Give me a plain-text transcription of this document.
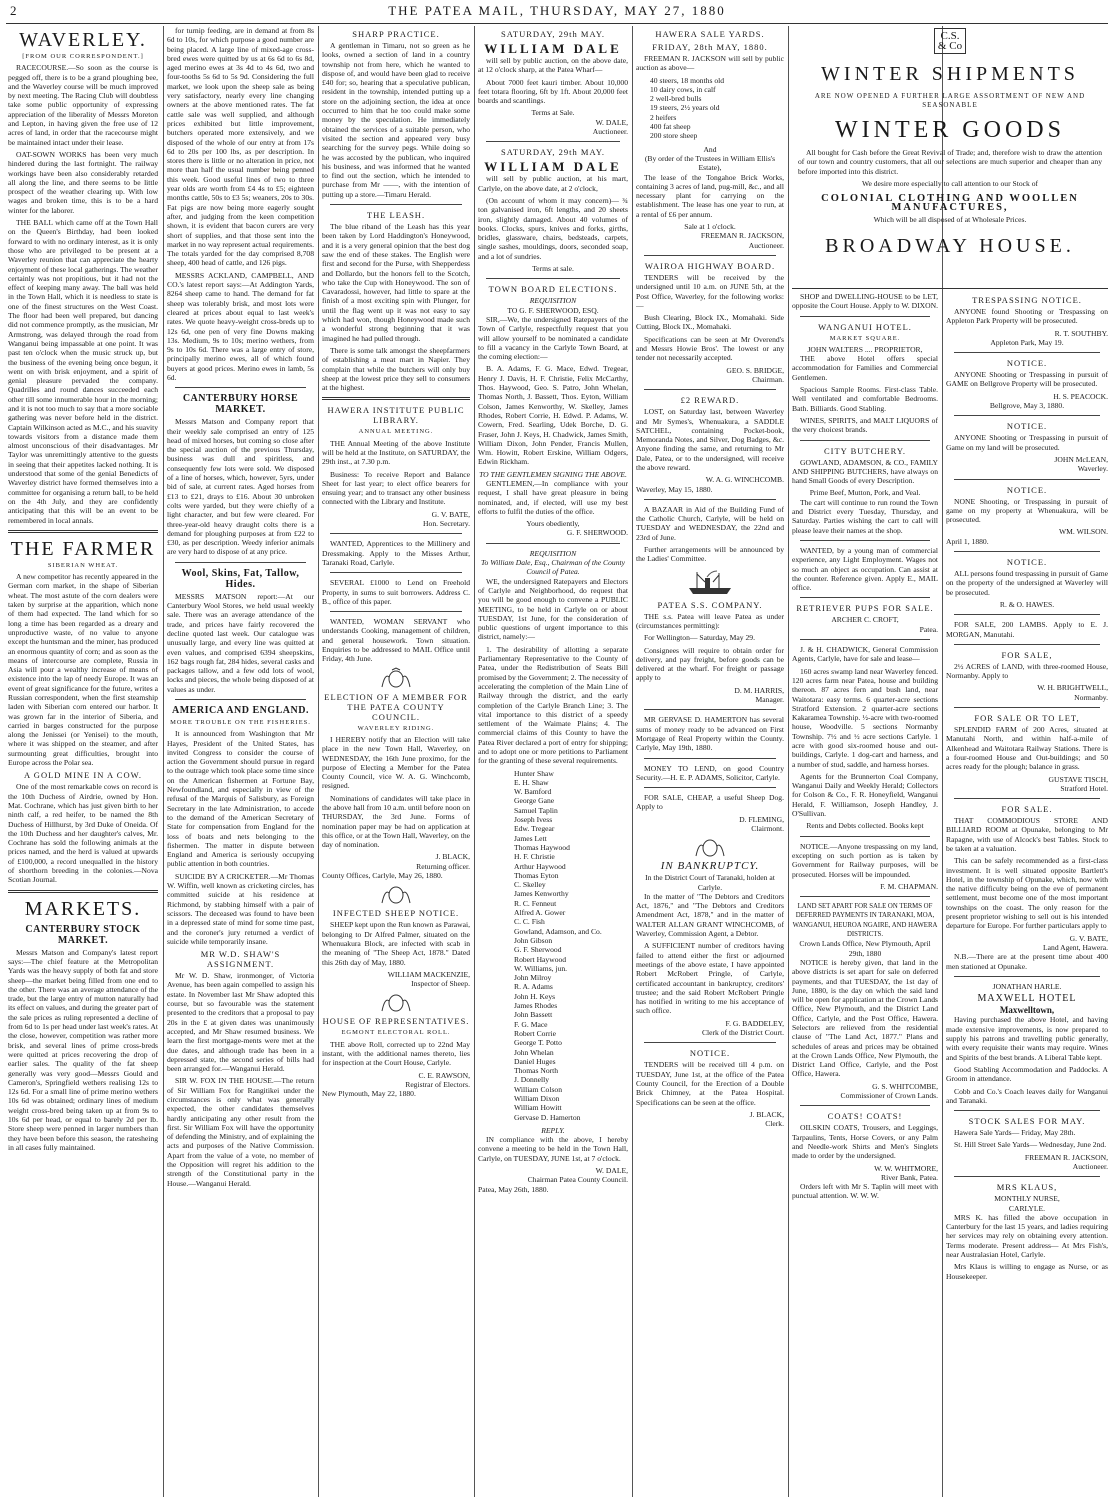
2	THE PATEA MAIL, THURSDAY, MAY 27, 1880
WAVERLEY.
[FROM OUR CORRESPONDENT.]

RACECOURSE.—So soon as the course is pegged off, there is to be a grand ploughing bee, and the Waverley course will be much improved by next meeting. The Racing Club will doubtless take some public opportunity of expressing appreciation of the liberality of Messrs Moreton and Lepton, in having given the free use of 12 acres of land, in order that the racecourse might be maintained intact under their lease.

OAT-SOWN WORKS has been very much hindered during the last fortnight. The railway workings have been also considerably retarded all along the line, and there seems to be little prospect of the weather clearing up. With low wages and broken time, this is to be a hard winter for the laborer.

THE BALL which came off at the Town Hall on the Queen's Birthday, had been looked forward to with no ordinary interest, as it is only those who are privileged to be present at a Waverley reunion that can appreciate the hearty enjoyment of these local gatherings. The weather certainly was not propitious, but it had not the effect of keeping many away. The ball was held in the Town Hall, which it is needless to state is one of the finest structures on the West Coast. The floor had been well prepared, but dancing did not commence promptly, as the musician, Mr Armstrong, was delayed through the road from Wanganui being impassable at one point. It was past ten o'clock when the music struck up, but the business of the evening being once begun, it went on with brisk enjoyment, and a spirit of genial pleasure pervaded the company. Quadrilles and round dances succeeded each other till some innumerable hour in the morning; and it is not too much to say that a more sociable gathering was never before held in the district. Captain Wilkinson acted as M.C., and his suavity towards visitors from a distance made them almost unconscious of their disadvantages. Mr Taylor was unremittingly attentive to the guests in seeing that their appetites lacked nothing. It is understood that some of the genial Benedicts of Waverley district have formed themselves into a committee for organising a return ball, to be held on the 4th July, and they are confidently anticipating that this will be an event to be remembered in local annals.

THE FARMER
SIBERIAN WHEAT.

A new competitor has recently appeared in the German corn market, in the shape of Siberian wheat. The most astute of the corn dealers were taken by surprise at the apparition, which none of them had expected. The land which for so long a time has been regarded as a dreary and unproductive waste, of no value to anyone except the huntsman and the miner, has produced an enormous quantity of corn; and as soon as the means of intercourse are complete, Russia in Asia will pour a wealthy increase of means of existence into the lap of needy Europe. It was an event of great significance for the future, writes a Russian correspondent, when the first steamship laden with Siberian corn entered our harbor. It was grown far in the interior of Siberia, and carried in barges constructed for the purpose along the Jenissei (or Yenisei) to the mouth, where it was shipped on the steamer, and after surmounting great difficulties, brought into Europe across the Polar sea.

A GOLD MINE IN A COW.

One of the most remarkable cows on record is the 10th Duchess of Airdrie, owned by Hon. Mat. Cochrane, which has just given birth to her ninth calf, a red heifer, to be named the 8th Duchess of Hillhurst, by 3rd Duke of Oneida. Of the 10th Duchess and her daughter's calves, Mr. Cochrane has sold the following animals at the prices named, and the herd is valued at upwards of £100,000, a record unequalled in the history of shorthorn breeding in the colonies.—Nova Scotian Journal.

MARKETS.
CANTERBURY STOCK MARKET.

Messrs Matson and Company's latest report says:—The chief feature at the Metropolitan Yards was the heavy supply of both fat and store sheep—the market being filled from one end to the other. There was an average attendance of the trade, but the large entry of mutton naturally had its effect on values, and during the greater part of the sale prices as ruling represented a decline of from 6d to 1s per head under last week's rates. At the close, however, competition was rather more brisk, and several lines of prime cross-breds were quitted at prices recovering the drop of earlier sales. The quality of the fat sheep generally was very good—Messrs Gould and Cameron's, Springfield wethers realising 12s to 12s 6d. For a small line of prime merino wethers 10s 6d was obtained; ordinary lines of medium weight cross-bred being taken up at from 9s to 10s 6d per head, or equal to barely 2d per lb. Store sheep were penned in larger numbers than they have been before this season, the ratesheing in all cases fully maintained.

for turnip feeding, are in demand at from 8s 6d to 10s, for which purpose a good number are being placed. A large line of mixed-age cross-bred ewes were quitted by us at 6s 6d to 6s 8d, aged merino ewes at 3s 4d to 4s 6d, two and four-tooths 5s 6d to 5s 9d. Considering the full market, we look upon the sheep sale as being very satisfactory, nearly every line changing owners at the above mentioned rates. The fat cattle sale was well supplied, and although prices exhibited but little improvement, butchers operated more extensively, and we disposed of the whole of our entry at from 17s 6d to 20s per 100 lbs, as per description. In stores there is little or no alteration in price, not more than half the usual number being penned this week. Good useful lines of two to three year olds are worth from £4 4s to £5; eighteen months cattle, 50s to £3 5s; weaners, 20s to 30s. Fat pigs are now being more eagerly sought after, and judging from the keen competition shown, it is evident that bacon curers are very short of supplies, and that those sent into the market in no way represent actual requirements. The totals yarded for the day comprised 8,708 sheep, 400 head of cattle, and 126 pigs.

MESSRS ACKLAND, CAMPBELL, AND CO.'s latest report says:—At Addington Yards, 8264 sheep came to hand. The demand for fat sheep was tolerably brisk, and most lots were cleared at prices about equal to last week's rates. We quote heavy-weight cross-breds up to 12s 6d, one pen of very fine Downs making 13s. Medium, 9s to 10s; merino wethers, from 9s to 10s 6d. There was a large entry of store, principally merino ewes, all of which found buyers at good prices. Merino ewes in lamb, 5s 6d.

CANTERBURY HORSE MARKET.

Messrs Matson and Company report that their weekly sale comprised an entry of 125 head of mixed horses, but coming so close after the special auction of the previous Thursday, business was dull and spiritless, and consequently few lots were sold. We disposed of a line of horses, which, however, 5yrs, under bid of sale, at current rates. Aged horses from £13 to £21, drays to £16. About 30 unbroken colts were yarded, but they were chiefly of a light character, and but few were cleared. For three-year-old heavy draught colts there is a demand for ploughing purposes at from £22 to £30, as per description. Weedy inferior animals are very hard to dispose of at any price.

Wool, Skins, Fat, Tallow, Hides.

MESSRS MATSON report:—At our Canterbury Wool Stores, we held usual weekly sale. There was an average attendance of the trade, and prices have fairly recovered the decline quoted last week. Our catalogue was unusually large, and every line was quitted at even values, and comprised 6394 sheepskins, 162 bags rough fat, 284 hides, several casks and packages tallow, and a few odd lots of wool, locks and pieces, the whole being disposed of at values as under.

AMERICA AND ENGLAND.
MORE TROUBLE ON THE FISHERIES.

It is announced from Washington that Mr Hayes, President of the United States, has invited Congress to consider the course of action the Government should pursue in regard to the outrage which took place some time since on the American fishermen at Fortune Bay, Newfoundland, and especially in view of the refusal of the Marquis of Salisbury, as Foreign Secretary in the late Administration, to accede to the demand of the American Secretary of State for compensation from England for the loss of boats and nets belonging to the fishermen. The matter in dispute between England and America is seriously occupying public attention in both countries.

SUICIDE BY A CRICKETER.—Mr Thomas W. Wiffin, well known as cricketing circles, has committed suicide at his residence at Richmond, by stabbing himself with a pair of scissors. The deceased was found to have been in a depressed state of mind for some time past, and the coroner's jury returned a verdict of suicide while temporarily insane.

MR W.D. SHAW'S ASSIGNMENT.

Mr W. D. Shaw, ironmonger, of Victoria Avenue, has been again compelled to assign his estate. In November last Mr Shaw adopted this course, but so favourable was the statement presented to the creditors that a proposal to pay 20s in the £ at given dates was unanimously accepted, and Mr Shaw resumed business. We learn the first mortgage-ments were met at the due dates, and although trade has been in a depressed state, the second series of bills had been arranged for.—Wanganui Herald.

SIR W. FOX IN THE HOUSE.—The return of Sir William Fox for Rangitikei under the circumstances is only what was generally expected, the other candidates themselves hardly anticipating any other result from the first. Sir William Fox will have the opportunity of defending the Ministry, and of explaining the acts and purposes of the Native Commission. Apart from the value of a vote, no member of the Opposition will regret his addition to the strength of the Constitutional party in the House.—Wanganui Herald.

SHARP PRACTICE.

A gentleman in Timaru, not so green as he looks, owned a section of land in a country township not from here, which he wanted to dispose of, and would have been glad to receive £40 for; so, hearing that a speculative publican, resident in the township, intended putting up a store on the adjoining section, the idea at once occurred to him that he too could make some money by the speculation. He immediately obtained the services of a suitable person, who visited the section and appeared very busy searching for the survey pegs. While doing so he was accosted by the publican, who inquired his business, and was informed that he wanted to find out the section, which he intended to purchase from Mr ——, with the intention of putting up a store.—Timaru Herald.

THE LEASH.

The blue riband of the Leash has this year been taken by Lord Haddington's Honeywood, and it is a very general opinion that the best dog saw the end of these stakes. The English were first and second for the Purse, with Shepperdess and Dollardo, but the honors fell to the Scotch, who take the Cup with Honeywood. The son of Cavaradossi, however, had little to spare at the finish of a most exciting spin with Plunger, for until the flag went up it was not easy to say which had won, though Honeywood made such a wonderful strong beginning that it was imagined he had pulled through.

There is some talk amongst the sheepfarmers of establishing a meat mart in Napier. They complain that while the butchers will only buy sheep at the lowest price they sell to consumers at the highest.

HAWERA INSTITUTE PUBLIC LIBRARY.
ANNUAL MEETING.

THE Annual Meeting of the above Institute will be held at the Institute, on SATURDAY, the 29th inst., at 7.30 p.m.

Business: To receive Report and Balance Sheet for last year; to elect office bearers for ensuing year; and to transact any other business connected with the Library and Institute.

G. V. BATE,
Hon. Secretary.

WANTED, Apprentices to the Millinery and Dressmaking. Apply to the Misses Arthur, Taranaki Road, Carlyle.

SEVERAL £1000 to Lend on Freehold Property, in sums to suit borrowers. Address C. B., office of this paper.

WANTED, WOMAN SERVANT who understands Cooking, management of children, and general housework. Town situation. Enquiries to be addressed to MAIL Office until Friday, 4th June.

ELECTION OF A MEMBER FOR THE PATEA COUNTY COUNCIL.
WAVERLEY RIDING.

I HEREBY notify that an Election will take place in the new Town Hall, Waverley, on WEDNESDAY, the 16th June proximo, for the purpose of Electing a Member for the Patea County Council, vice W. A. G. Winchcomb, resigned.

Nominations of candidates will take place in the above hall from 10 a.m. until before noon on THURSDAY, the 3rd June. Forms of nomination paper may be had on application at this office, or at the Town Hall, Waverley, on the day of nomination.

J. BLACK,
Returning officer.
County Offices, Carlyle, May 26, 1880.
INFECTED SHEEP NOTICE.

SHEEP kept upon the Run known as Parawai, belonging to Dr Alfred Palmer, situated on the Whenuakura Block, are infected with scab in the meaning of "The Sheep Act, 1878." Dated this 26th day of May, 1880.

WILLIAM MACKENZIE,
Inspector of Sheep.
HOUSE OF REPRESENTATIVES.
EGMONT ELECTORAL ROLL.

THE above Roll, corrected up to 22nd May instant, with the additional names thereto, lies for inspection at the Court House, Carlyle.

C. E. RAWSON,
Registrar of Electors.
New Plymouth, May 22, 1880.
SATURDAY, 29th MAY.
WILLIAM DALE

will sell by public auction, on the above date, at 12 o'clock sharp, at the Patea Wharf—

About 7000 feet kauri timber. About 10,000 feet totara flooring, 6ft by 1ft. About 20,000 feet boards and scantlings.

Terms at Sale.
W. DALE,
Auctioneer.
SATURDAY, 29th MAY.
WILLIAM DALE

will sell by public auction, at his mart, Carlyle, on the above date, at 2 o'clock,

(On account of whom it may concern)— ¾ ton galvanised iron, 6ft lengths, and 20 sheets iron, slightly damaged. About 40 volumes of books. Clocks, spurs, knives and forks, girths, bridles, glassware, chairs, bedsteads, carpets, single sashes, mouldings, doors, seconded soap, and a lot of sundries.

Terms at sale.
TOWN BOARD ELECTIONS.
REQUISITION
TO G. F. SHERWOOD, ESQ.

SIR,—We, the undersigned Ratepayers of the Town of Carlyle, respectfully request that you will allow yourself to be nominated a candidate to fill a vacancy in the Carlyle Town Board, at the coming election:—

B. A. Adams, F. G. Mace, Edwd. Tregear, Henry J. Davis, H. F. Christie, Felix McCarthy, Thos. Haywood, Geo. S. Patro, John Whelan, Thomas North, J. Bassett, Thos. Eyton, William Colson, James Kenworthy, W. Skelley, James Rhodes, Robert Corrie, H. Edwd. P. Adams, W. Cowern, Fred. Searling, Udek Borche, D. G. Fraser, John J. Keys, H. Chadwick, James Smith, William Dixon, John Pender, Francis Mullen, Wm. Howitt, Robert Erskine, William Odgers, Edwin Rickham.

TO THE GENTLEMEN SIGNING THE ABOVE.

GENTLEMEN,—In compliance with your request, I shall have great pleasure in being nominated, and, if elected, will use my best efforts to fulfil the duties of the office.

Yours obediently,
G. F. SHERWOOD.
REQUISITION
To William Dale, Esq., Chairman of the County Council of Patea.

WE, the undersigned Ratepayers and Electors of Carlyle and Neighborhood, do request that you will be good enough to convene a PUBLIC MEETING, to be held in Carlyle on or about TUESDAY, 1st June, for the consideration of public questions of urgent importance to this district, namely:—

1. The desirability of allotting a separate Parliamentary Representative to the County of Patea, under the Redistribution of Seats Bill promised by the Government; 2. The necessity of accelerating the completion of the Main Line of Railway through the district, and the early completion of the Carlyle Branch Line; 3. The vital importance to this district of a speedy settlement of the Waimate Plains; 4. The commercial claims of this County to have the Patea River declared a port of entry for shipping; and to adopt one or more petitions to Parliament for the granting of these several requirements.

Hunter Shaw
E. H. Shaw
W. Bamford
George Gane
Samuel Taplin
Joseph Ivess
Edw. Tregear
James Lett
Thomas Haywood
H. F. Christie
Arthur Haywood
Thomas Eyton
C. Skelley
James Kenworthy
R. C. Fenneut
Alfred A. Gower
C. C. Fish
Gowland, Adamson, and Co.
John Gibson
G. F. Sherwood
Robert Haywood
W. Williams, jun.
John Milroy
R. A. Adams
John H. Keys
James Rhodes
John Bassett
F. G. Mace
Robert Corrie
George T. Potto
John Whelan
Daniel Huges
Thomas North
J. Donnelly
William Colson
William Dixon
William Howitt
Gervase D. Hamerton
REPLY.

IN compliance with the above, I hereby convene a meeting to be held in the Town Hall, Carlyle, on TUESDAY, JUNE 1st, at 7 o'clock.

W. DALE,
Chairman Patea County Council.
Patea, May 26th, 1880.
HAWERA SALE YARDS.
FRIDAY, 28th MAY, 1880.

FREEMAN R. JACKSON will sell by public auction as above—

40 steers, 18 months old
10 dairy cows, in calf
2 well-bred bulls
19 steers, 2½ years old
2 heifers
400 fat sheep
200 store sheep
And
(By order of the Trustees in William Ellis's Estate),

The lease of the Tongahoe Brick Works, containing 3 acres of land, pug-mill, &c., and all necessary plant for carrying on the establishment. The lease has one year to run, at a rental of £6 per annum.

Sale at 1 o'clock.
FREEMAN R. JACKSON,
Auctioneer.
WAIROA HIGHWAY BOARD.

TENDERS will be received by the undersigned until 10 a.m. on JUNE 5th, at the Post Office, Waverley, for the following works:—

Bush Clearing, Block IX., Momahaki. Side Cutting, Block IX., Momahaki.

Specifications can be seen at Mr Overend's and Messrs Howie Bros'. The lowest or any tender not necessarily accepted.

GEO. S. BRIDGE,
Chairman.
£2 REWARD.

LOST, on Saturday last, between Waverley and Mr Symes's, Whenuakura, a SADDLE SATCHEL, containing Pocket-book, Memoranda Notes, and Silver, Dog Badges, &c. Anyone finding the same, and returning to Mr Dale, Patea, or to the undersigned, will receive the above reward.

W. A. G. WINCHCOMB.
Waverley, May 15, 1880.

A BAZAAR in Aid of the Building Fund of the Catholic Church, Carlyle, will be held on TUESDAY and WEDNESDAY, the 22nd and 23rd of June.

Further arrangements will be announced by the Ladies' Committee.

PATEA S.S. COMPANY.

THE s.s. Patea will leave Patea as under (circumstances permitting):

For Wellington— Saturday, May 29.

Consignees will require to obtain order for delivery, and pay freight, before goods can be delivered at the wharf. For freight or passage apply to

D. M. HARRIS,
Manager.

MR GERVASE D. HAMERTON has several sums of money ready to be advanced on First Mortgage of Real Property within the County. Carlyle, May 19th, 1880.

MONEY TO LEND, on good Country Security.—H. E. P. ADAMS, Solicitor, Carlyle.

FOR SALE, CHEAP, a useful Sheep Dog. Apply to

D. FLEMING,
Clairmont.
IN BANKRUPTCY.
In the District Court of Taranaki, holden at Carlyle.

In the matter of "The Debtors and Creditors Act, 1876," and "The Debtors and Creditors Amendment Act, 1878," and in the matter of WALTER ALLAN GRANT WINCHCOMB, of Waverley, Commission Agent, a Debtor.

A SUFFICIENT number of creditors having failed to attend either the first or adjourned meetings of the above estate, I have appointed Robert McRobert Pringle, of Carlyle, certificated accountant in bankruptcy, creditors' trustee; and the said Robert McRobert Pringle has notified in writing to me his acceptance of such office.

F. G. BADDELEY,
Clerk of the District Court.
NOTICE.

TENDERS will be received till 4 p.m. on TUESDAY, June 1st, at the office of the Patea County Council, for the Erection of a Double Brick Chimney, at the Patea Hospital. Specifications can be seen at the office.

J. BLACK,
Clerk.
C.S. & Co
WINTER SHIPMENTS
ARE NOW OPENED A FURTHER LARGE ASSORTMENT OF NEW AND SEASONABLE
WINTER GOODS

All bought for Cash before the Great Revival of Trade; and, therefore wish to draw the attention of our town and country customers, that all our selections are much superior and cheaper than any before imported into this district.

We desire more especially to call attention to our Stock of

COLONIAL CLOTHING AND WOOLLEN MANUFACTURES,
Which will be all disposed of at Wholesale Prices.
BROADWAY HOUSE.

SHOP and DWELLING-HOUSE to be LET, opposite the Court House. Apply to W. DIXON.

WANGANUI HOTEL.
MARKET SQUARE.
JOHN WALTERS .... PROPRIETOR,

THE above Hotel offers special accommodation for Families and Commercial Gentlemen.

Spacious Sample Rooms. First-class Table. Well ventilated and comfortable Bedrooms. Bath. Billiards. Good Stabling.

WINES, SPIRITS, and MALT LIQUORS of the very choicest brands.

CITY BUTCHERY.

GOWLAND, ADAMSON, & CO., FAMILY AND SHIPPING BUTCHERS, have always on hand Small Goods of every Description.

Prime Beef, Mutton, Pork, and Veal.

The cart will continue to run round the Town and District every Tuesday, Thursday, and Saturday. Parties wishing the cart to call will please leave their names at the shop.

WANTED, by a young man of commercial experience, any Light Employment. Wages not so much an object as occupation. Can assist at the counter. Reference given. Apply E., MAIL office.

RETRIEVER PUPS FOR SALE.
ARCHER C. CROFT,
Patea.

J. & H. CHADWICK, General Commission Agents, Carlyle, have for sale and lease—

160 acres swamp land near Waverley fenced. 120 acres farm near Patea, house and building thereon. 87 acres fern and bush land, near Waitotara: easy terms. 6 quarter-acre sections Stratford Extension. 2 quarter-acre sections Kakaramea Township. ½-acre with two-roomed house, Woodville. 5 sections Normanby Township. 7½ and ½ acre sections Carlyle. 1 acre with good six-roomed house and out-buildings, Carlyle. 1 dog-cart and harness, and a number of stud, saddle, and harness horses.

Agents for the Brunnerton Coal Company, Wanganui Daily and Weekly Herald; Collectors for Colson & Co., F. R. Honeyfield, Wanganui Herald, F. Williamson, Joseph Handley, J. O'Sullivan.

Rents and Debts collected. Books kept

NOTICE.—Anyone trespassing on my land, excepting on such portion as is taken by Government for Railway purposes, will be prosecuted. Horses will be impounded.

F. M. CHAPMAN.
LAND SET APART FOR SALE ON TERMS OF DEFERRED PAYMENTS IN TARANAKI, MOA, WANGANUI, HEUROA NGAIRE, AND HAWERA DISTRICTS.
Crown Lands Office, New Plymouth, April 29th, 1880

NOTICE is hereby given, that land in the above districts is set apart for sale on deferred payments, and that TUESDAY, the 1st day of June, 1880, is the day on which the said land will be open for application at the Crown Lands Office, New Plymouth, and the District Land Office, Carlyle, and the Post Office, Hawera. Selectors are relieved from the residential clause of "The Land Act, 1877." Plans and schedules of areas and prices may be obtained at the Crown Lands Office, New Plymouth, the District Land Office, Carlyle, and the Post Office, Hawera.

G. S. WHITCOMBE,
Commissioner of Crown Lands.
COATS! COATS!

OILSKIN COATS, Trousers, and Leggings, Tarpaulins, Tents, Horse Covers, or any Palm and Needle-work Shirts and Men's Singlets made to order by the undersigned.

W. W. WHITMORE,
River Bank, Patea.

Orders left with Mr S. Taplin will meet with punctual attention. W. W. W.

TRESPASSING NOTICE.

ANYONE found Shooting or Trespassing on Appleton Park Property will be prosecuted.

R. T. SOUTHBY.
Appleton Park, May 19.
NOTICE.

ANYONE Shooting or Trespassing in pursuit of GAME on Bellgrove Property will be prosecuted.

H. S. PEACOCK.
Bellgrove, May 3, 1880.
NOTICE.

ANYONE Shooting or Trespassing in pursuit of Game on my land will be prosecuted.

JOHN McLEAN,
Waverley.
NOTICE.

NONE Shooting, or Trespassing in pursuit of game on my property at Whenuakura, will be prosecuted.

WM. WILSON.
April 1, 1880.
NOTICE.

ALL persons found trespassing in pursuit of Game on the property of the undersigned at Waverley will be prosecuted.

R. & O. HAWES.

FOR SALE, 200 LAMBS. Apply to E. J. MORGAN, Manutahi.

FOR SALE,

2½ ACRES of LAND, with three-roomed House, Normanby. Apply to

W. H. BRIGHTWELL,
Normanby.
FOR SALE OR TO LET,

SPLENDID FARM of 200 Acres, situated at Manutahi North, and within half-a-mile of Alkenhead and Waitotara Railway Stations. There is a four-roomed House and Out-buildings; and 50 acres ready for the plough; balance in grass.

GUSTAVE TISCH,
Stratford Hotel.
FOR SALE.

THAT COMMODIOUS STORE AND BILLIARD ROOM at Opunake, belonging to Mr Rapagne, with use of Alcock's best Tables. Stock to be taken at a valuation.

This can be safely recommended as a first-class investment. It is well situated opposite Bartlett's Hotel, in the township of Opunake, which, now with the native difficulty being on the eve of permanent settlement, must become one of the most important townships on the coast. The only reason for the present proprietor wishing to sell out is his intended departure for Europe. For further particulars apply to

G. V. BATE,
Land Agent, Hawera.

N.B.—There are at the present time about 400 men stationed at Opunake.

JONATHAN HARLE.
MAXWELL HOTEL
Maxwelltown,

Having purchased the above Hotel, and having made extensive improvements, is now prepared to supply his patrons and travelling public generally, with every requisite their wants may require. Wines and Spirits of the best brands. A Liberal Table kept.

Good Stabling Accommodation and Paddocks. A Groom in attendance.

Cobb and Co.'s Coach leaves daily for Wanganui and Taranaki.

STOCK SALES FOR MAY.

Hawera Sale Yards— Friday, May 28th.

St. Hill Street Sale Yards— Wednesday, June 2nd.

FREEMAN R. JACKSON,
Auctioneer.
MRS KLAUS,
MONTHLY NURSE,
CARLYLE.

MRS K. has filled the above occupation in Canterbury for the last 15 years, and ladies requiring her services may rely on obtaining every attention. Terms moderate. Present address— At Mrs Fish's, near Australasian Hotel, Carlyle.

Mrs Klaus is willing to engage as Nurse, or as Housekeeper.
